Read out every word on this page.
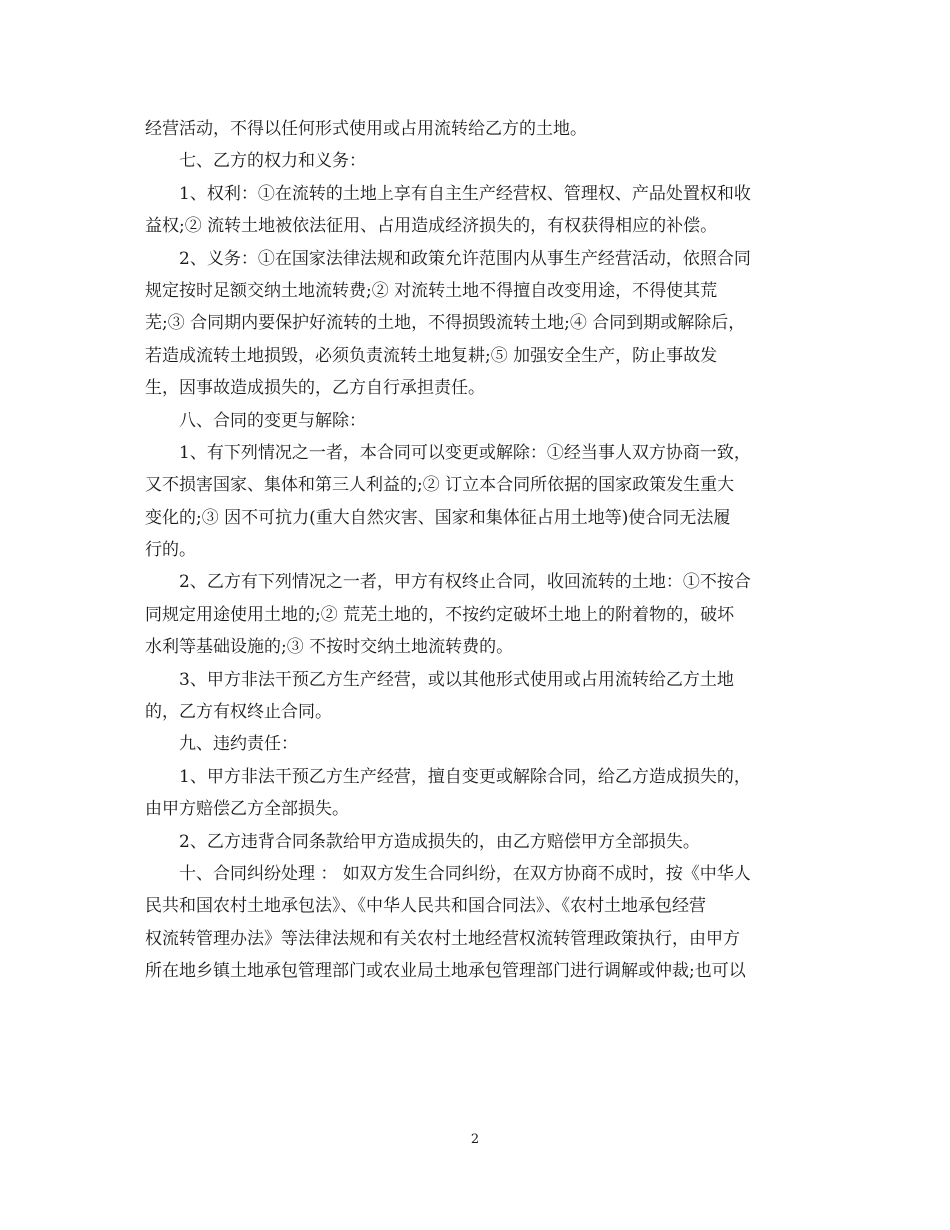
经营活动，不得以任何形式使用或占用流转给乙方的土地。
七、乙方的权力和义务：
1、权利：①在流转的土地上享有自主生产经营权、管理权、产品处置权和收
益权;② 流转土地被依法征用、占用造成经济损失的，有权获得相应的补偿。
2、义务：①在国家法律法规和政策允许范围内从事生产经营活动，依照合同
规定按时足额交纳土地流转费;② 对流转土地不得擅自改变用途，不得使其荒
芜;③ 合同期内要保护好流转的土地，不得损毁流转土地;④ 合同到期或解除后，
若造成流转土地损毁，必须负责流转土地复耕;⑤ 加强安全生产，防止事故发
生，因事故造成损失的，乙方自行承担责任。
八、合同的变更与解除：
1、有下列情况之一者，本合同可以变更或解除：①经当事人双方协商一致，
又不损害国家、集体和第三人利益的;② 订立本合同所依据的国家政策发生重大
变化的;③ 因不可抗力(重大自然灾害、国家和集体征占用土地等)使合同无法履
行的。
2、乙方有下列情况之一者，甲方有权终止合同，收回流转的土地：①不按合
同规定用途使用土地的;② 荒芜土地的，不按约定破坏土地上的附着物的，破坏
水利等基础设施的;③ 不按时交纳土地流转费的。
3、甲方非法干预乙方生产经营，或以其他形式使用或占用流转给乙方土地
的，乙方有权终止合同。
九、违约责任：
1、甲方非法干预乙方生产经营，擅自变更或解除合同，给乙方造成损失的，
由甲方赔偿乙方全部损失。
2、乙方违背合同条款给甲方造成损失的，由乙方赔偿甲方全部损失。
十、合同纠纷处理 ： 如双方发生合同纠纷，在双方协商不成时，按《中华人
民共和国农村土地承包法》、《中华人民共和国合同法》、《农村土地承包经营
权流转管理办法》等法律法规和有关农村土地经营权流转管理政策执行，由甲方
所在地乡镇土地承包管理部门或农业局土地承包管理部门进行调解或仲裁;也可以
2
